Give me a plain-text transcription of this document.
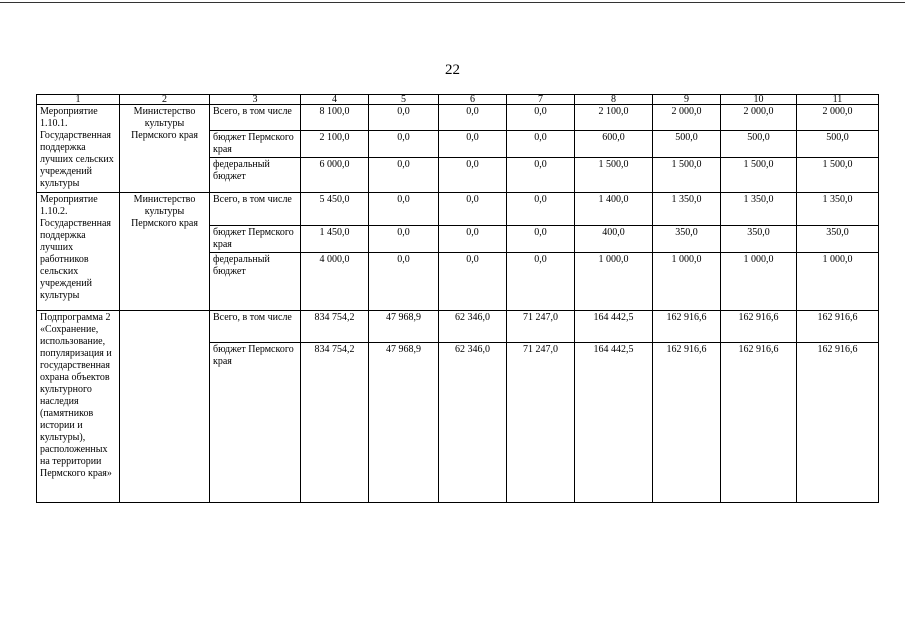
22
1	2	3	4	5	6	7	8	9	10	11
Мероприятие 1.10.1. Государственная поддержка лучших сельских учреждений культуры	Министерство культуры Пермского края	Всего, в том числе	8 100,0	0,0	0,0	0,0	2 100,0	2 000,0	2 000,0	2 000,0
		бюджет Пермского края	2 100,0	0,0	0,0	0,0	600,0	500,0	500,0	500,0
		федеральный бюджет	6 000,0	0,0	0,0	0,0	1 500,0	1 500,0	1 500,0	1 500,0
Мероприятие 1.10.2. Государственная поддержка лучших работников сельских учреждений культуры	Министерство культуры Пермского края	Всего, в том числе	5 450,0	0,0	0,0	0,0	1 400,0	1 350,0	1 350,0	1 350,0
		бюджет Пермского края	1 450,0	0,0	0,0	0,0	400,0	350,0	350,0	350,0
		федеральный бюджет	4 000,0	0,0	0,0	0,0	1 000,0	1 000,0	1 000,0	1 000,0
Подпрограмма 2 «Сохранение, использование, популяризация и государственная охрана объектов культурного наследия (памятников истории и культуры), расположенных на территории Пермского края»		Всего, в том числе	834 754,2	47 968,9	62 346,0	71 247,0	164 442,5	162 916,6	162 916,6	162 916,6
		бюджет Пермского края	834 754,2	47 968,9	62 346,0	71 247,0	164 442,5	162 916,6	162 916,6	162 916,6
